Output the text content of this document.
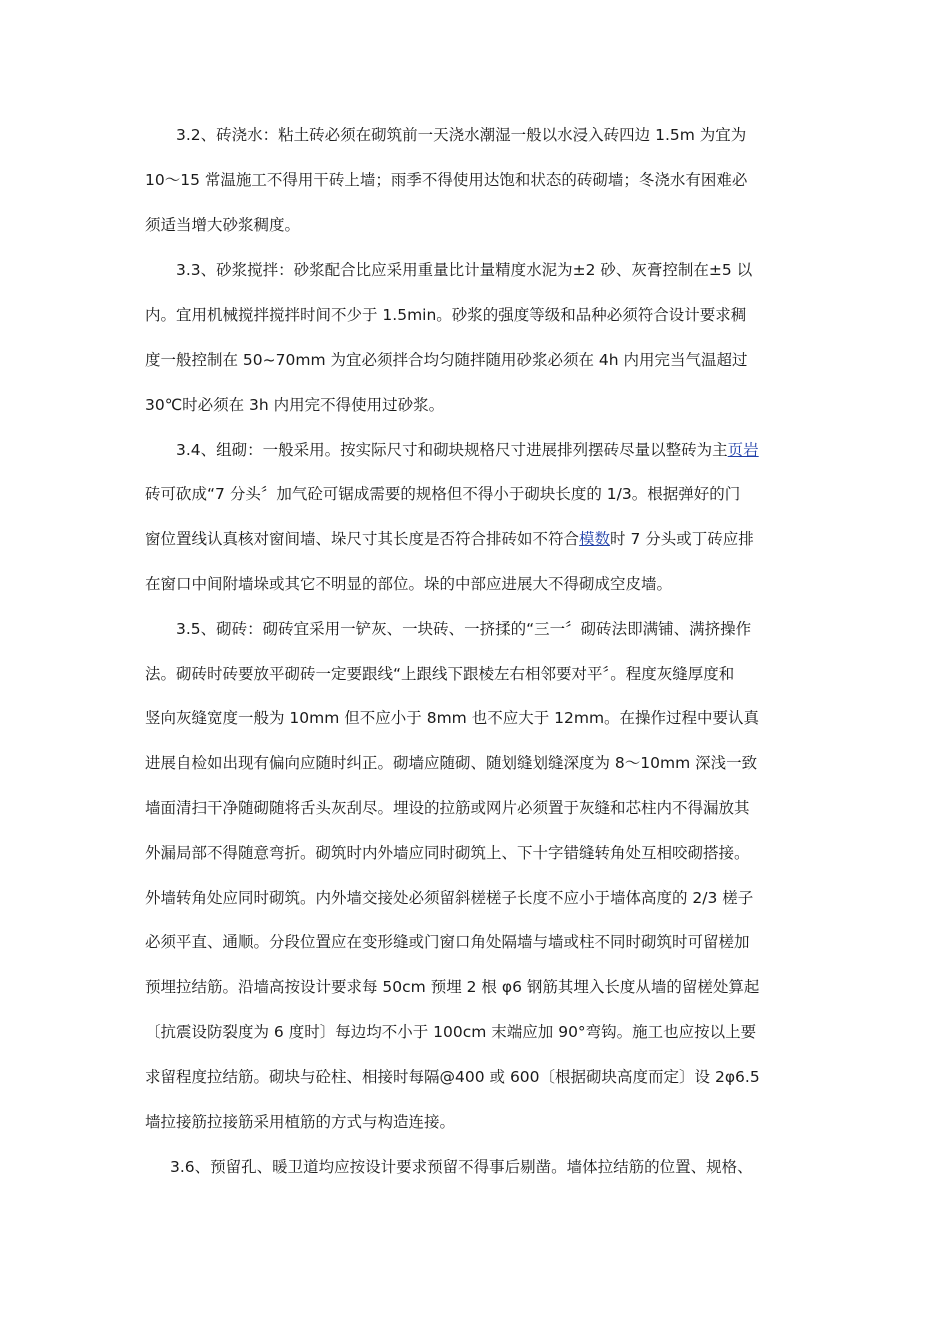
3.2、砖浇水：粘土砖必须在砌筑前一天浇水潮湿一般以水浸入砖四边 1.5m 为宜为
10～15 常温施工不得用干砖上墙；雨季不得使用达饱和状态的砖砌墙；冬浇水有困难必
须适当增大砂浆稠度。
3.3、砂浆搅拌：砂浆配合比应采用重量比计量精度水泥为±2 砂、灰膏控制在±5 以
内。宜用机械搅拌搅拌时间不少于 1.5min。砂浆的强度等级和品种必须符合设计要求稠
度一般控制在 50~70mm 为宜必须拌合均匀随拌随用砂浆必须在 4h 内用完当气温超过
30℃时必须在 3h 内用完不得使用过砂浆。
3.4、组砌：一般采用。按实际尺寸和砌块规格尺寸进展排列摆砖尽量以整砖为主页岩
砖可砍成“7 分头〞加气砼可锯成需要的规格但不得小于砌块长度的 1/3。根据弹好的门
窗位置线认真核对窗间墙、垛尺寸其长度是否符合排砖如不符合模数时 7 分头或丁砖应排
在窗口中间附墙垛或其它不明显的部位。垛的中部应进展大不得砌成空皮墙。
3.5、砌砖：砌砖宜采用一铲灰、一块砖、一挤揉的“三一〞砌砖法即满铺、满挤操作
法。砌砖时砖要放平砌砖一定要跟线“上跟线下跟棱左右相邻要对平〞。程度灰缝厚度和
竖向灰缝宽度一般为 10mm 但不应小于 8mm 也不应大于 12mm。在操作过程中要认真
进展自检如出现有偏向应随时纠正。砌墙应随砌、随划缝划缝深度为 8～10mm 深浅一致
墙面清扫干净随砌随将舌头灰刮尽。埋设的拉筋或网片必须置于灰缝和芯柱内不得漏放其
外漏局部不得随意弯折。砌筑时内外墙应同时砌筑上、下十字错缝转角处互相咬砌搭接。
外墙转角处应同时砌筑。内外墙交接处必须留斜槎槎子长度不应小于墙体高度的 2/3 槎子
必须平直、通顺。分段位置应在变形缝或门窗口角处隔墙与墙或柱不同时砌筑时可留槎加
预埋拉结筋。沿墙高按设计要求每 50cm 预埋 2 根 φ6 钢筋其埋入长度从墙的留槎处算起
〔抗震设防裂度为 6 度时〕每边均不小于 100cm 末端应加 90°弯钩。施工也应按以上要
求留程度拉结筋。砌块与砼柱、相接时每隔@400 或 600〔根据砌块高度而定〕设 2φ6.5
墙拉接筋拉接筋采用植筋的方式与构造连接。
3.6、预留孔、暖卫道均应按设计要求预留不得事后剔凿。墙体拉结筋的位置、规格、
